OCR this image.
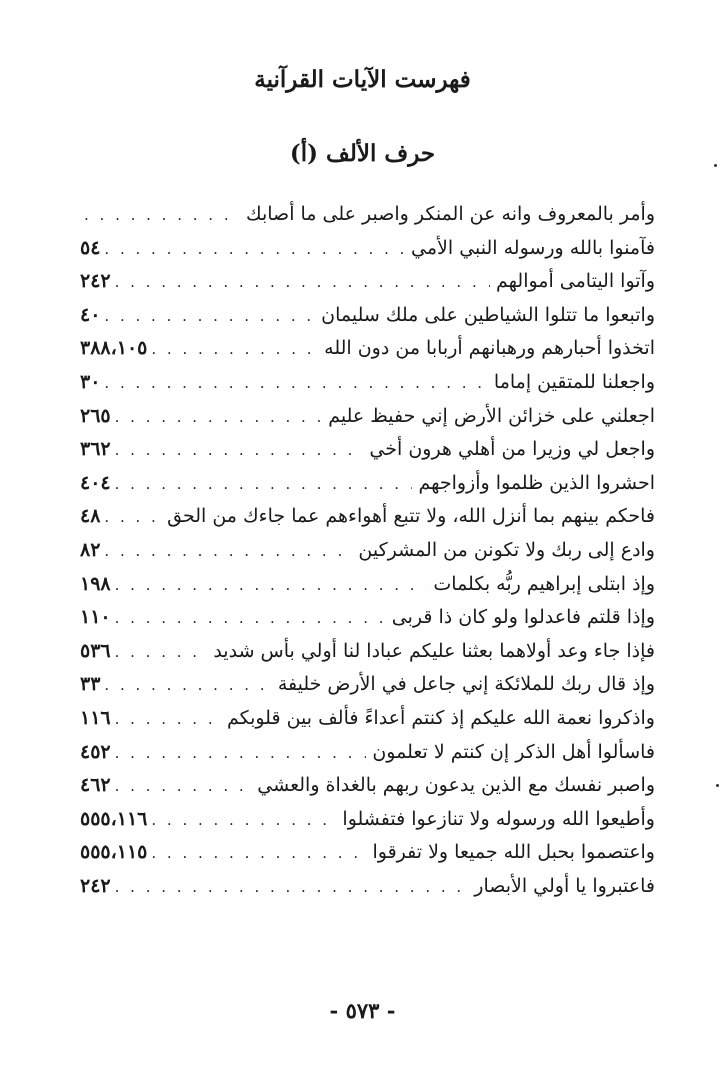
فهرست الآيات القرآنية
حرف الألف (أ)
وأمر بالمعروف وانه عن المنكر واصبر على ما أصابك
. . .
فآمنوا بالله ورسوله النبي الأمي
. . .
٥٤
وآتوا اليتامى أموالهم
. . .
٢٤٢
واتبعوا ما تتلوا الشياطين على ملك سليمان
. . .
٤٠
اتخذوا أحبارهم ورهبانهم أربابا من دون الله
. . .
٣٨٨،١٠٥
واجعلنا للمتقين إماما
. . .
٣٠
اجعلني على خزائن الأرض إني حفيظ عليم
. . .
٢٦٥
واجعل لي وزيرا من أهلي هرون أخي
. . .
٣٦٢
احشروا الذين ظلموا وأزواجهم
. . .
٤٠٤
فاحكم بينهم بما أنزل الله، ولا تتبع أهواءهم عما جاءك من الحق
. . .
٤٨
وادع إلى ربك ولا تكونن من المشركين
. . .
٨٢
وإذ ابتلى إبراهيم ربُّه بكلمات
. . .
١٩٨
وإذا قلتم فاعدلوا ولو كان ذا قربى
. . .
١١٠
فإذا جاء وعد أولاهما بعثنا عليكم عبادا لنا أولي بأس شديد
. . .
٥٣٦
وإذ قال ربك للملائكة إني جاعل في الأرض خليفة
. . .
٣٣
واذكروا نعمة الله عليكم إذ كنتم أعداءً فألف بين قلوبكم
. . .
١١٦
فاسألوا أهل الذكر إن كنتم لا تعلمون
. . .
٤٥٢
واصبر نفسك مع الذين يدعون ربهم بالغداة والعشي
. . .
٤٦٢
وأطيعوا الله ورسوله ولا تنازعوا فتفشلوا
. . .
٥٥٥،١١٦
واعتصموا بحبل الله جميعا ولا تفرقوا
. . .
٥٥٥،١١٥
فاعتبروا يا أولي الأبصار
. . .
٢٤٢
- ٥٧٣ -
